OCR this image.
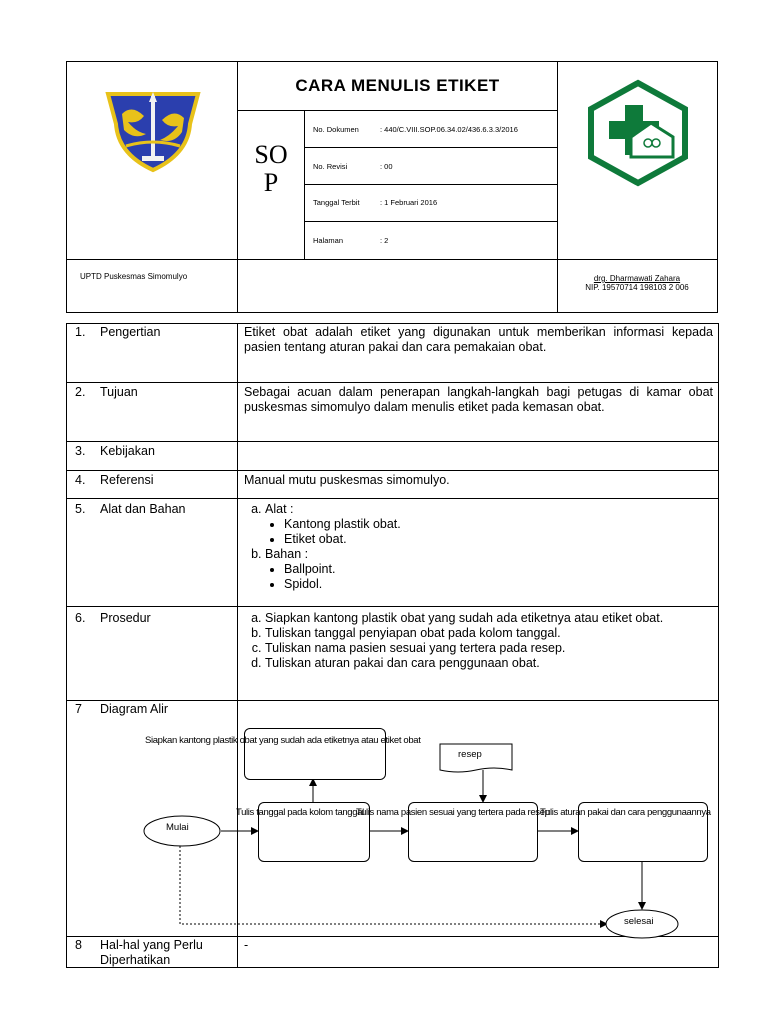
CARA MENULIS ETIKET
SO
P
No. Dokumen	: 440/C.VIII.SOP.06.34.02/436.6.3.3/2016
No. Revisi	: 00
Tanggal Terbit	: 1 Februari 2016
Halaman	: 2
UPTD Puskesmas Simomulyo	drg. Dharmawati Zahara
NIP. 19570714 198103 2 006
1. Pengertian	Etiket obat adalah etiket yang digunakan untuk memberikan informasi kepada pasien tentang aturan pakai dan cara pemakaian obat.
2. Tujuan	Sebagai acuan dalam penerapan langkah-langkah bagi petugas di kamar obat puskesmas simomulyo dalam menulis etiket pada kemasan obat.
3. Kebijakan
4. Referensi	Manual mutu puskesmas simomulyo.
5. Alat dan Bahan	a. Alat :
• Kantong plastik obat.
• Etiket obat.
b. Bahan :
• Ballpoint.
• Spidol.
6. Prosedur	a. Siapkan kantong plastik obat yang sudah ada etiketnya atau etiket obat.
b. Tuliskan tanggal penyiapan obat pada kolom tanggal.
c. Tuliskan nama pasien sesuai yang tertera pada resep.
d. Tuliskan aturan pakai dan cara penggunaan obat.
7 Diagram Alir
Siapkan kantong plastik obat yang sudah ada etiketnya atau etiket obat
resep
Tulis tanggal pada kolom tanggal
Tulis nama pasien sesuai yang tertera pada resep
Tulis aturan pakai dan cara penggunaannya
Mulai
selesai
8 Hal-hal yang Perlu
Diperhatikan
-
